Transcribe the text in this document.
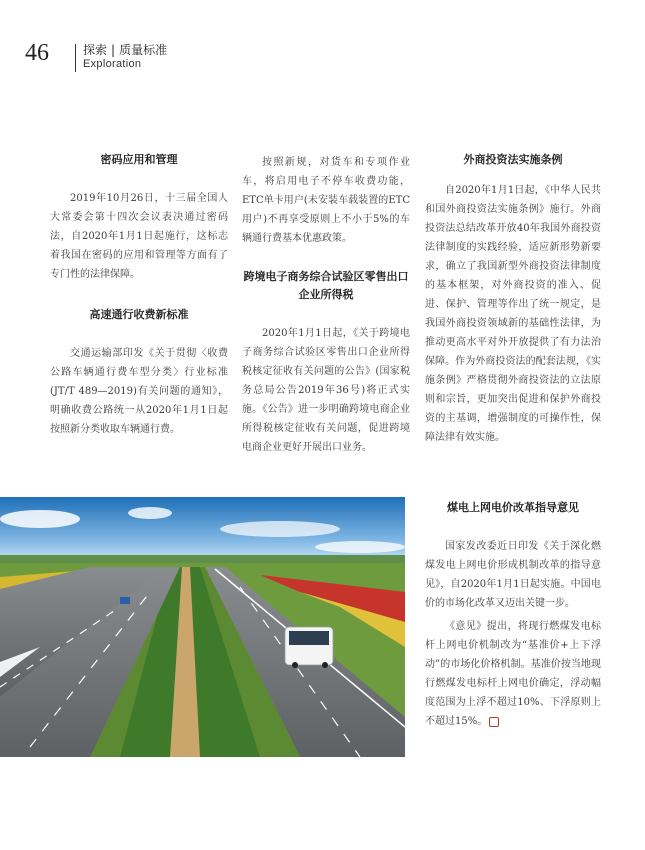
46	探索 | 质量标准
Exploration
密码应用和管理

2019年10月26日，十三届全国人大常委会第十四次会议表决通过密码法，自2020年1月1日起施行，这标志着我国在密码的应用和管理等方面有了专门性的法律保障。

高速通行收费新标准

交通运输部印发《关于贯彻〈收费公路车辆通行费车型分类〉行业标准(JT/T 489—2019)有关问题的通知》，明确收费公路统一从2020年1月1日起按照新分类收取车辆通行费。

按照新规，对货车和专项作业车，将启用电子不停车收费功能，ETC单卡用户(未安装车载装置的ETC用户)不再享受原则上不小于5%的车辆通行费基本优惠政策。

跨境电子商务综合试验区零售出口企业所得税

2020年1月1日起，《关于跨境电子商务综合试验区零售出口企业所得税核定征收有关问题的公告》(国家税务总局公告2019年36号)将正式实施。《公告》进一步明确跨境电商企业所得税核定征收有关问题，促进跨境电商企业更好开展出口业务。

外商投资法实施条例

自2020年1月1日起，《中华人民共和国外商投资法实施条例》施行。外商投资法总结改革开放40年我国外商投资法律制度的实践经验，适应新形势新要求，确立了我国新型外商投资法律制度的基本框架，对外商投资的准入、促进、保护、管理等作出了统一规定，是我国外商投资领域新的基础性法律，为推动更高水平对外开放提供了有力法治保障。作为外商投资法的配套法规，《实施条例》严格贯彻外商投资法的立法原则和宗旨，更加突出促进和保护外商投资的主基调，增强制度的可操作性，保障法律有效实施。

煤电上网电价改革指导意见

国家发改委近日印发《关于深化燃煤发电上网电价形成机制改革的指导意见》，自2020年1月1日起实施。中国电价的市场化改革又迈出关键一步。

《意见》提出，将现行燃煤发电标杆上网电价机制改为“基准价+上下浮动”的市场化价格机制。基准价按当地现行燃煤发电标杆上网电价确定，浮动幅度范围为上浮不超过10%、下浮原则上不超过15%。
